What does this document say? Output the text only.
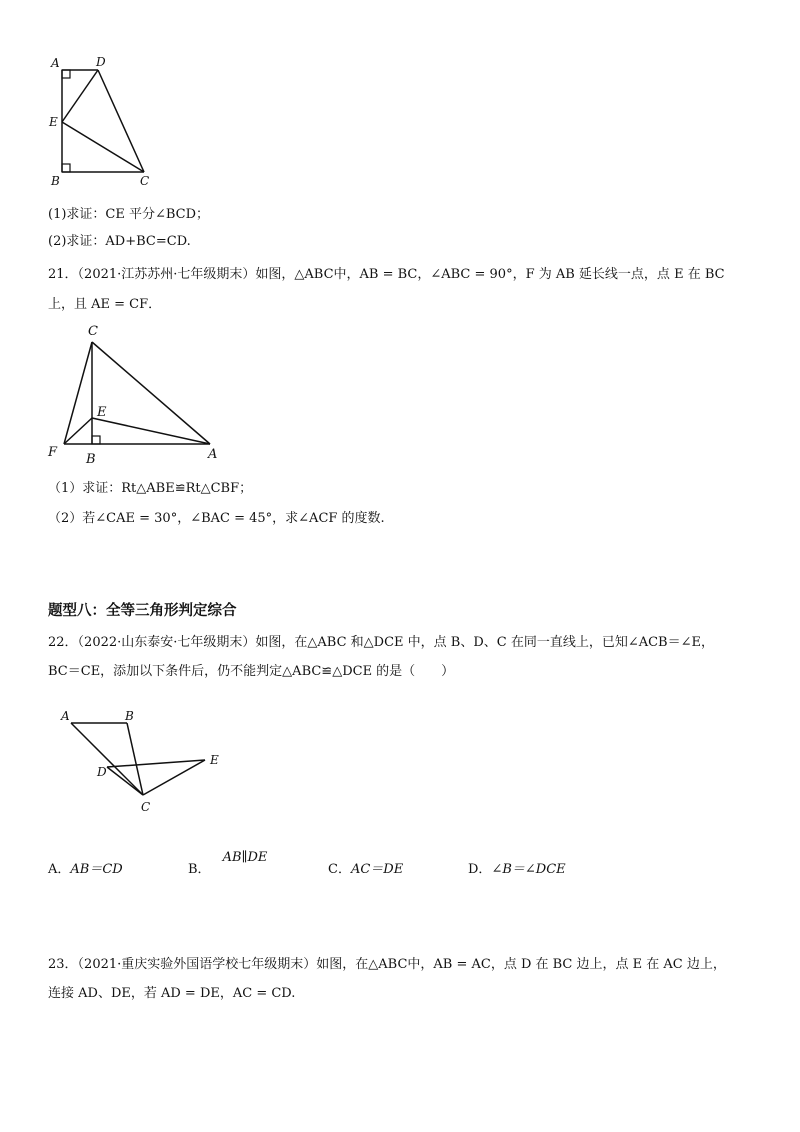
A	D
E
B	C
(1)求证：CE 平分∠BCD；
(2)求证：AD+BC=CD.
21．（2021·江苏苏州·七年级期末）如图，△ABC中，AB = BC，∠ABC = 90°，F 为 AB 延长线一点，点 E 在 BC
上，且 AE = CF．
C
E
F B	A
（1）求证：Rt△ABE≌Rt△CBF；
（2）若∠CAE = 30°，∠BAC = 45°，求∠ACF 的度数.
题型八：全等三角形判定综合
22．（2022·山东泰安·七年级期末）如图，在△ABC 和△DCE 中，点 B、D、C 在同一直线上，已知∠ACB＝∠E，
BC＝CE，添加以下条件后，仍不能判定△ABC≌△DCE 的是（　　）
A	B
D
E
C
A．AB＝CD	B．AB∥DE
C．AC＝DE	D．∠B＝∠DCE
23．（2021·重庆实验外国语学校七年级期末）如图，在△ABC中，AB = AC，点 D 在 BC 边上，点 E 在 AC 边上，
连接 AD、DE，若 AD = DE，AC = CD.
